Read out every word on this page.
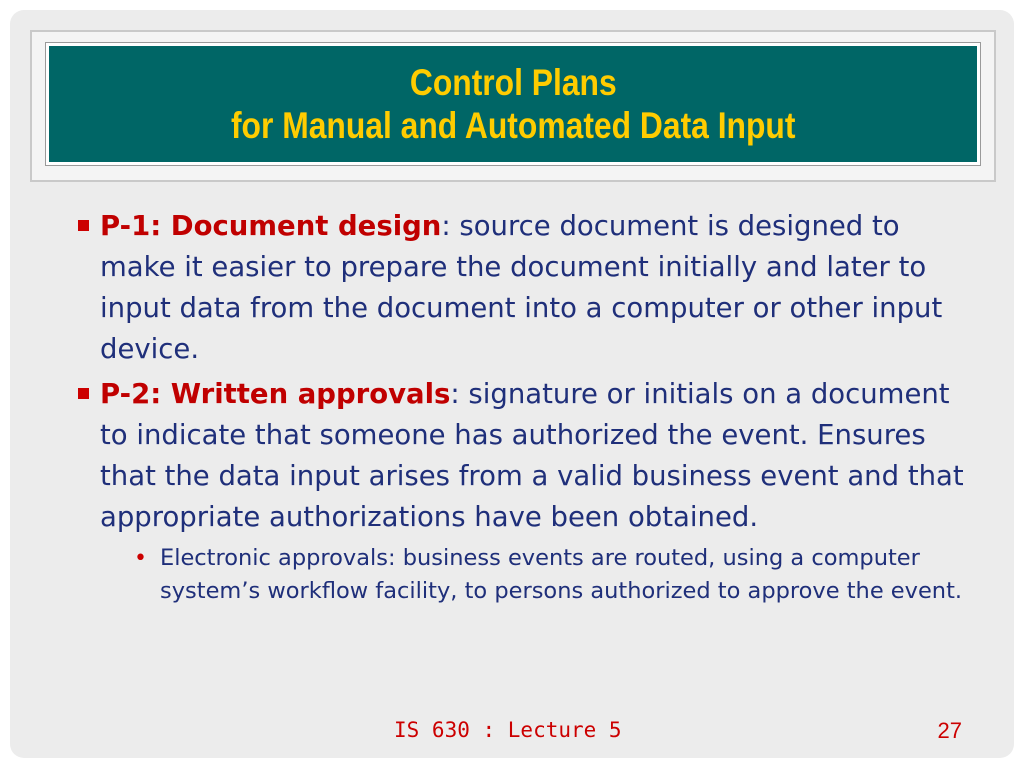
Control Plans
for Manual and Automated Data Input
P-1: Document design: source document is designed to make it easier to prepare the document initially and later to input data from the document into a computer or other input device.
P-2: Written approvals: signature or initials on a document to indicate that someone has authorized the event. Ensures that the data input arises from a valid business event and that appropriate authorizations have been obtained.
• Electronic approvals: business events are routed, using a computer system’s workflow facility, to persons authorized to approve the event.
IS 630 : Lecture 5	27
